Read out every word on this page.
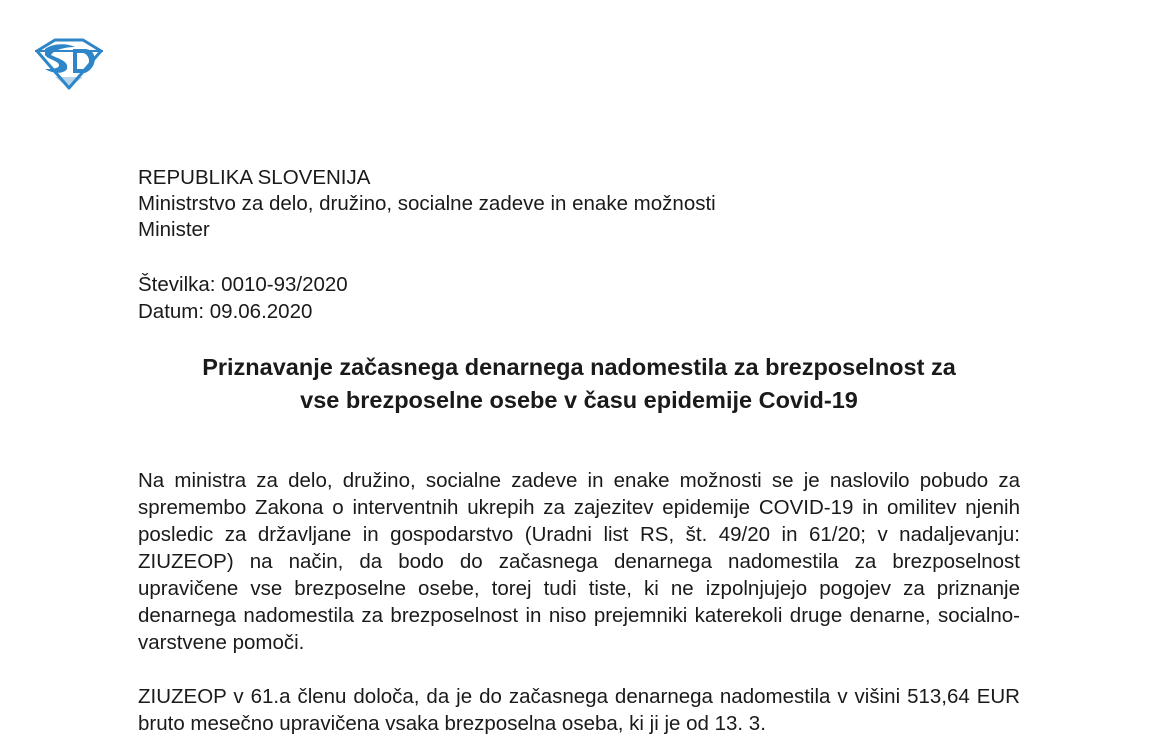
REPUBLIKA SLOVENIJA
Ministrstvo za delo, družino, socialne zadeve in enake možnosti
Minister
Številka: 0010-93/2020
Datum: 09.06.2020
Priznavanje začasnega denarnega nadomestila za brezposelnost za
vse brezposelne osebe v času epidemije Covid-19

Na ministra za delo, družino, socialne zadeve in enake možnosti se je naslovilo pobudo za spremembo Zakona o interventnih ukrepih za zajezitev epidemije COVID-19 in omilitev njenih posledic za državljane in gospodarstvo (Uradni list RS, št. 49/20 in 61/20; v nadaljevanju: ZIUZEOP) na način, da bodo do začasnega denarnega nadomestila za brezposelnost upravičene vse brezposelne osebe, torej tudi tiste, ki ne izpolnjujejo pogojev za priznanje denarnega nadomestila za brezposelnost in niso prejemniki katerekoli druge denarne, socialno-varstvene pomoči.

ZIUZEOP v 61.a členu določa, da je do začasnega denarnega nadomestila v višini 513,64 EUR bruto mesečno upravičena vsaka brezposelna oseba, ki ji je od 13. 3.
